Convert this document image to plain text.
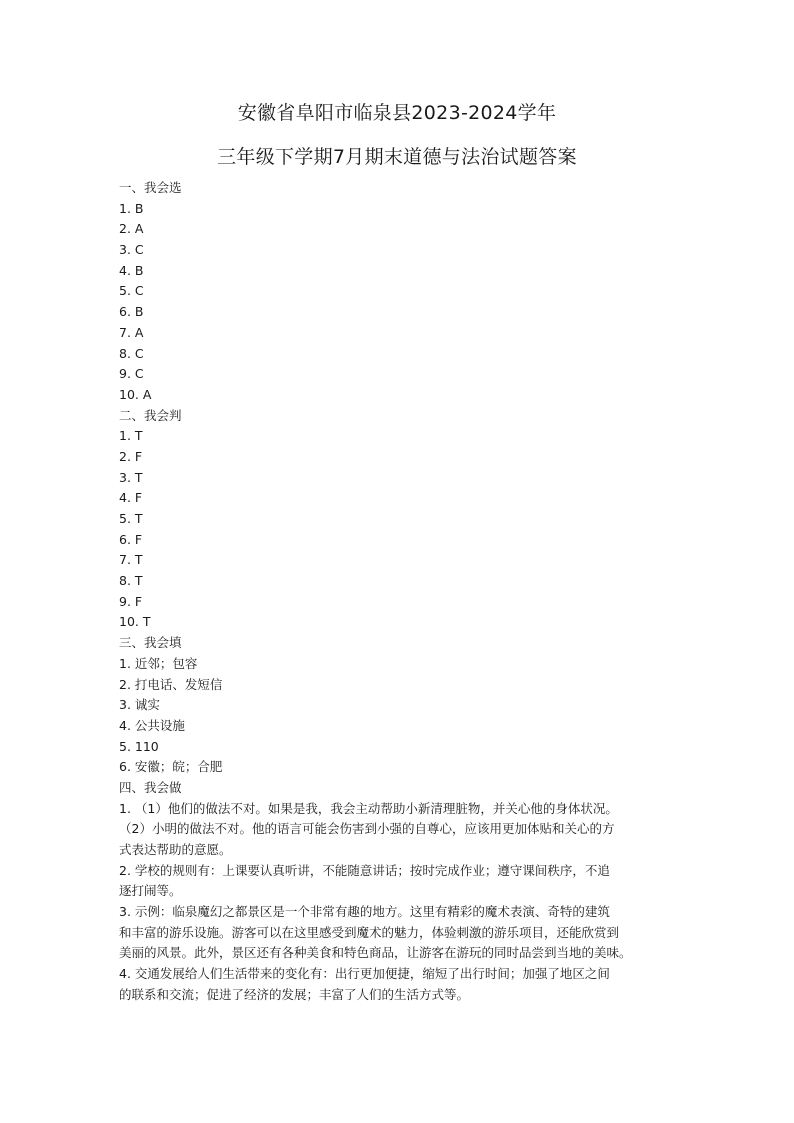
安徽省阜阳市临泉县2023-2024学年
三年级下学期7月期末道德与法治试题答案
一、我会选
1. B
2. A
3. C
4. B
5. C
6. B
7. A
8. C
9. C
10. A
二、我会判
1. T
2. F
3. T
4. F
5. T
6. F
7. T
8. T
9. F
10. T
三、我会填
1. 近邻；包容
2. 打电话、发短信
3. 诚实
4. 公共设施
5. 110
6. 安徽；皖；合肥
四、我会做
1. （1）他们的做法不对。如果是我，我会主动帮助小新清理脏物，并关心他的身体状况。
（2）小明的做法不对。他的语言可能会伤害到小强的自尊心，应该用更加体贴和关心的方
式表达帮助的意愿。
2. 学校的规则有：上课要认真听讲，不能随意讲话；按时完成作业；遵守课间秩序，不追
逐打闹等。
3. 示例：临泉魔幻之都景区是一个非常有趣的地方。这里有精彩的魔术表演、奇特的建筑
和丰富的游乐设施。游客可以在这里感受到魔术的魅力，体验刺激的游乐项目，还能欣赏到
美丽的风景。此外，景区还有各种美食和特色商品，让游客在游玩的同时品尝到当地的美味。
4. 交通发展给人们生活带来的变化有：出行更加便捷，缩短了出行时间；加强了地区之间
的联系和交流；促进了经济的发展；丰富了人们的生活方式等。
